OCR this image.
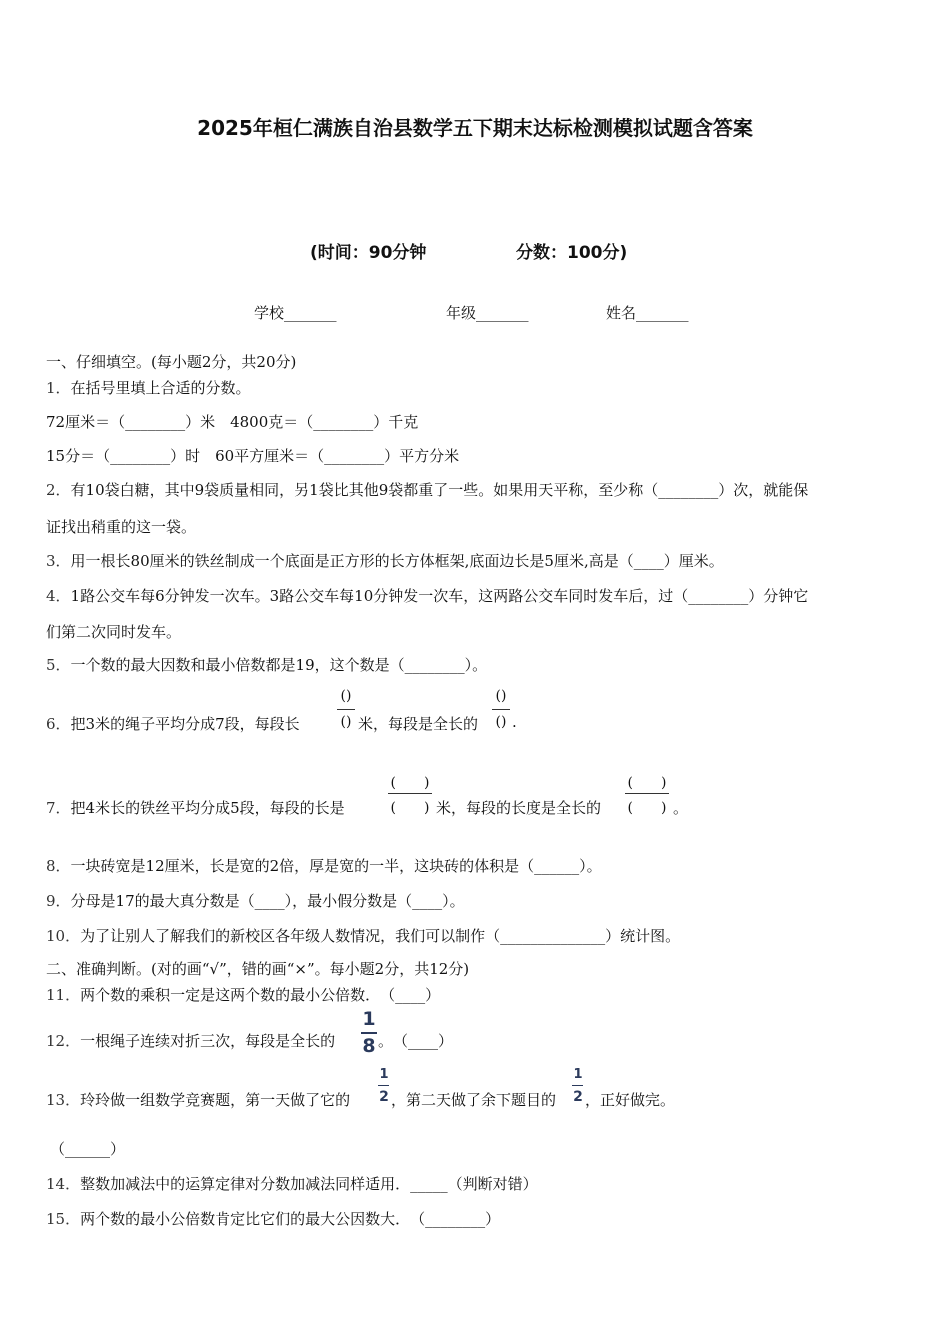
2025年桓仁满族自治县数学五下期末达标检测模拟试题含答案
(时间：90分钟	分数：100分)
学校_______	年级_______	姓名_______
一、仔细填空。(每小题2分，共20分)
1．在括号里填上合适的分数。
72厘米＝（________）米　4800克＝（________）千克
15分＝（________）时　60平方厘米＝（________）平方分米
2．有10袋白糖，其中9袋质量相同，另1袋比其他9袋都重了一些。如果用天平称，至少称（________）次，就能保
证找出稍重的这一袋。
3．用一根长80厘米的铁丝制成一个底面是正方形的长方体框架,底面边长是5厘米,高是（____）厘米。
4．1路公交车每6分钟发一次车。3路公交车每10分钟发一次车，这两路公交车同时发车后，过（________）分钟它
们第二次同时发车。
5．一个数的最大因数和最小倍数都是19，这个数是（________）。
6．把3米的绳子平均分成7段，每段长
()
() 米，每段是全长的
()
() .
7．把4米长的铁丝平均分成5段，每段的长是
(　　)
(　　) 米，每段的长度是全长的
(　　)
(　　) 。
8．一块砖宽是12厘米，长是宽的2倍，厚是宽的一半，这块砖的体积是（______）。
9．分母是17的最大真分数是（____），最小假分数是（____）。
10．为了让别人了解我们的新校区各年级人数情况，我们可以制作（______________）统计图。
二、准确判断。(对的画“√”，错的画“×”。每小题2分，共12分)
11．两个数的乘积一定是这两个数的最小公倍数．　（____）
12．一根绳子连续对折三次，每段是全长的
1
8 。　（____）
13．玲玲做一组数学竞赛题，第一天做了它的
1
2 ，第二天做了余下题目的
1
2 ，正好做完。
（______）
14．整数加减法中的运算定律对分数加减法同样适用．_____（判断对错）
15．两个数的最小公倍数肯定比它们的最大公因数大．　（________）
